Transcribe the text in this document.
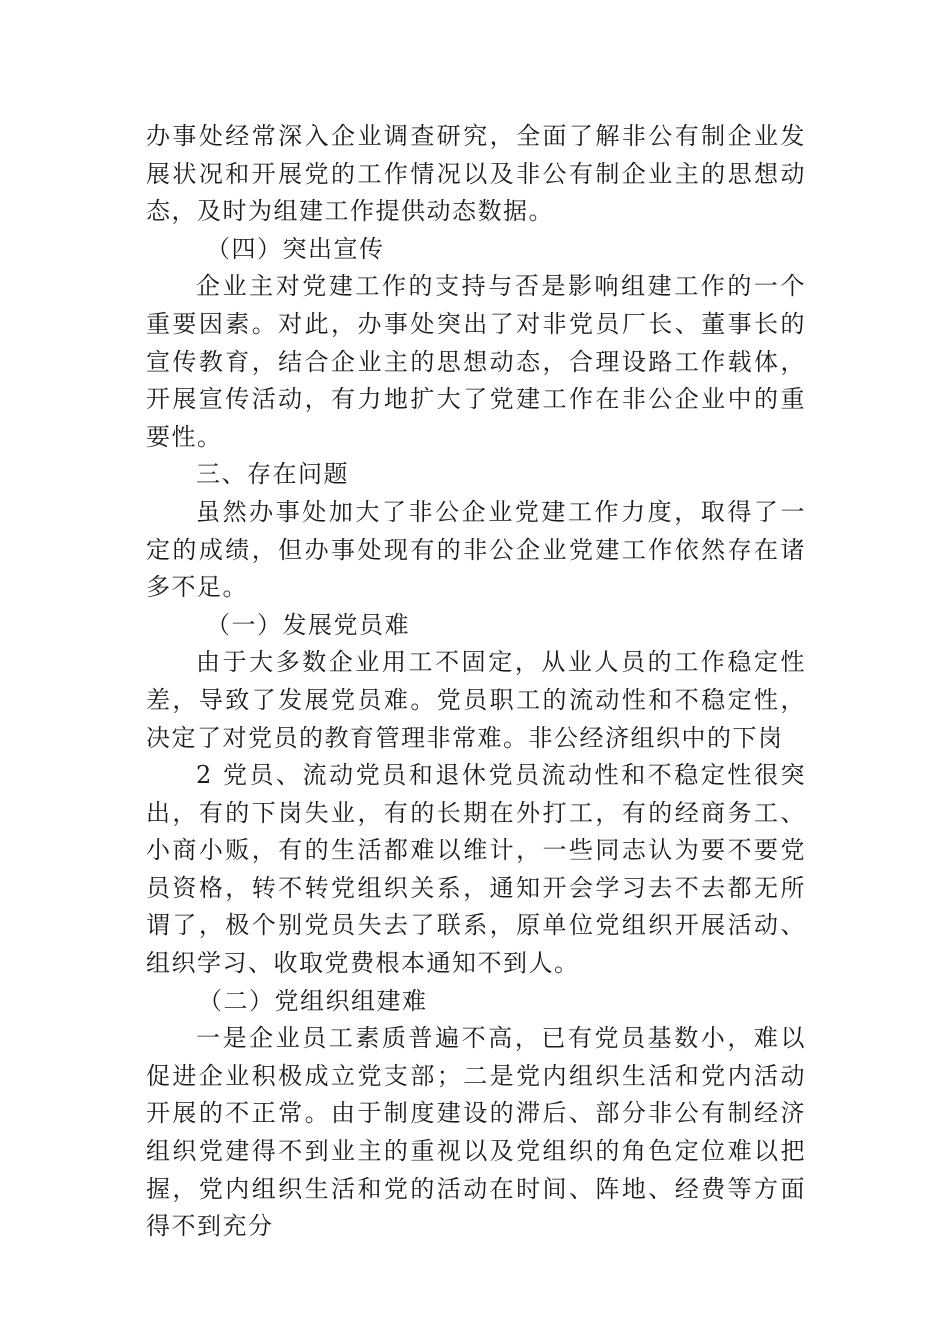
办事处经常深入企业调查研究，全面了解非公有制企业发展状况和开展党的工作情况以及非公有制企业主的思想动态，及时为组建工作提供动态数据。

（四）突出宣传

企业主对党建工作的支持与否是影响组建工作的一个重要因素。对此，办事处突出了对非党员厂长、董事长的宣传教育，结合企业主的思想动态，合理设路工作载体，开展宣传活动，有力地扩大了党建工作在非公企业中的重要性。

三、存在问题

虽然办事处加大了非公企业党建工作力度，取得了一定的成绩，但办事处现有的非公企业党建工作依然存在诸多不足。

（一）发展党员难

由于大多数企业用工不固定，从业人员的工作稳定性差，导致了发展党员难。党员职工的流动性和不稳定性，决定了对党员的教育管理非常难。非公经济组织中的下岗

2 党员、流动党员和退休党员流动性和不稳定性很突出，有的下岗失业，有的长期在外打工，有的经商务工、小商小贩，有的生活都难以维计，一些同志认为要不要党员资格，转不转党组织关系，通知开会学习去不去都无所谓了，极个别党员失去了联系，原单位党组织开展活动、组织学习、收取党费根本通知不到人。

（二）党组织组建难

一是企业员工素质普遍不高，已有党员基数小，难以促进企业积极成立党支部；二是党内组织生活和党内活动开展的不正常。由于制度建设的滞后、部分非公有制经济组织党建得不到业主的重视以及党组织的角色定位难以把握，党内组织生活和党的活动在时间、阵地、经费等方面得不到充分
